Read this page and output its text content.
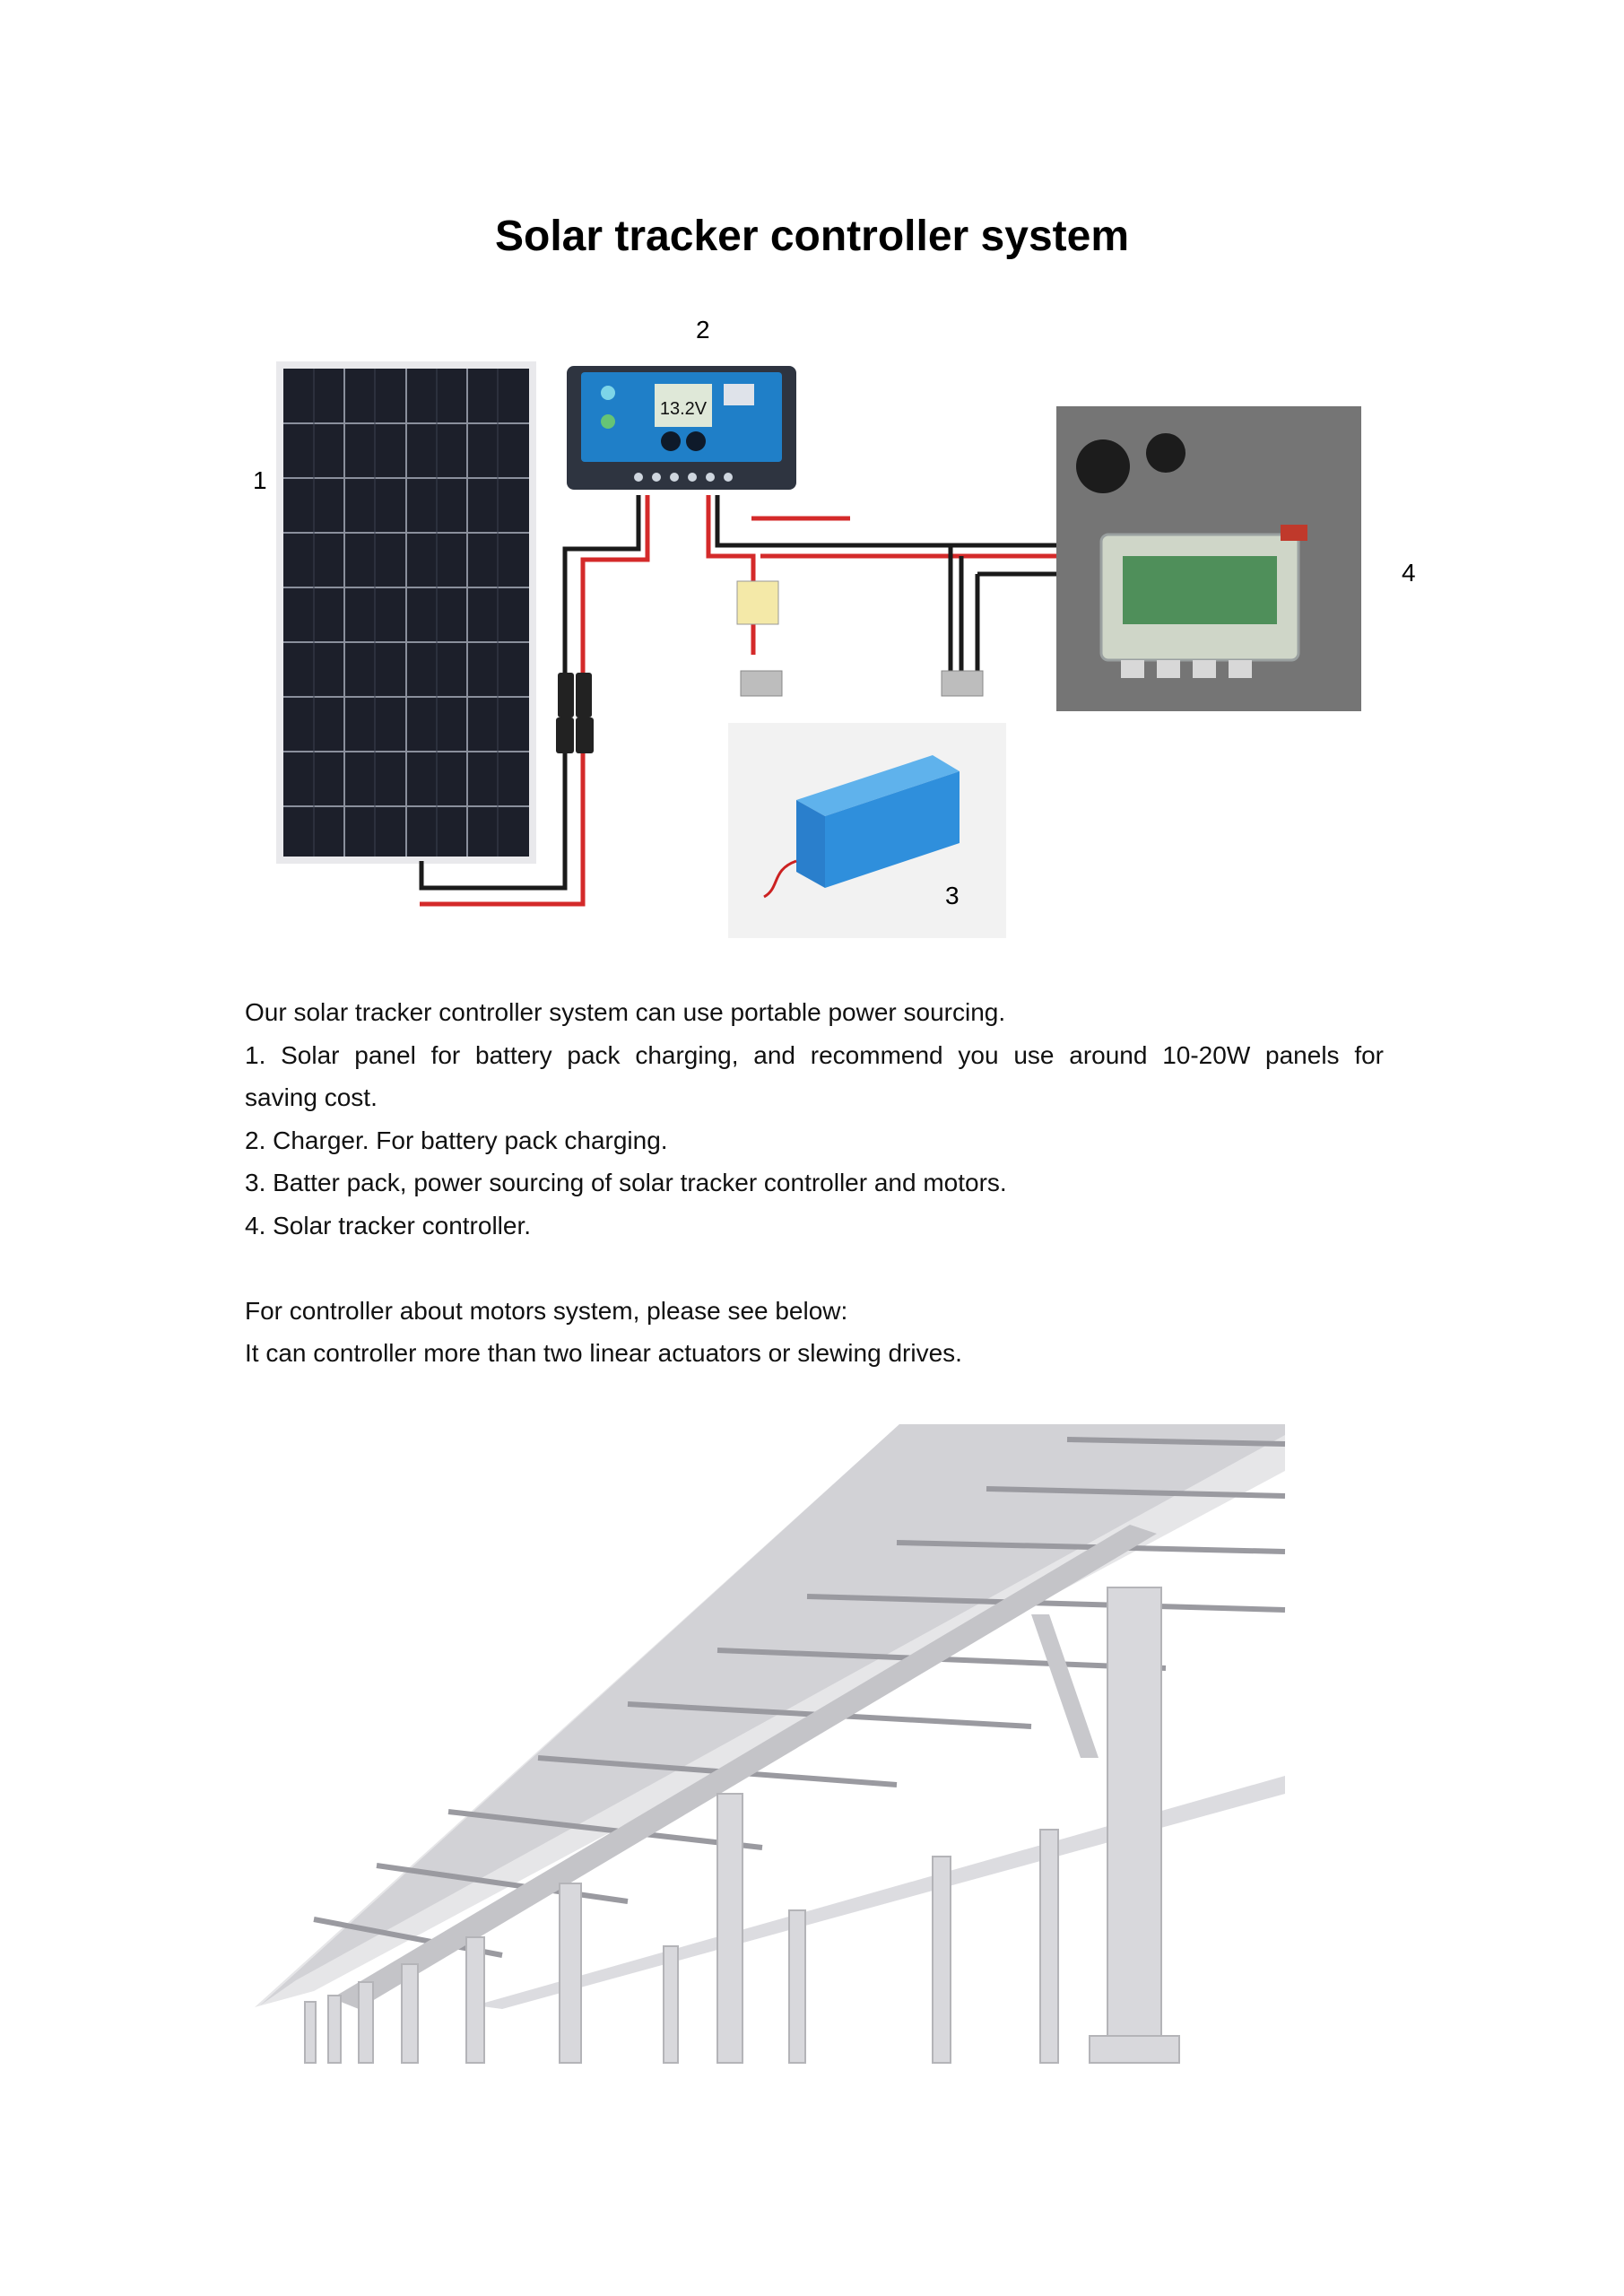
Solar tracker controller system
13.2V
2
1
4
3

Our solar tracker controller system can use portable power sourcing.

1. Solar panel for battery pack charging, and recommend you use around 10-20W panels for

saving cost.

2. Charger. For battery pack charging.

3. Batter pack, power sourcing of solar tracker controller and motors.

4. Solar tracker controller.

For controller about motors system, please see below:

It can controller more than two linear actuators or slewing drives.
